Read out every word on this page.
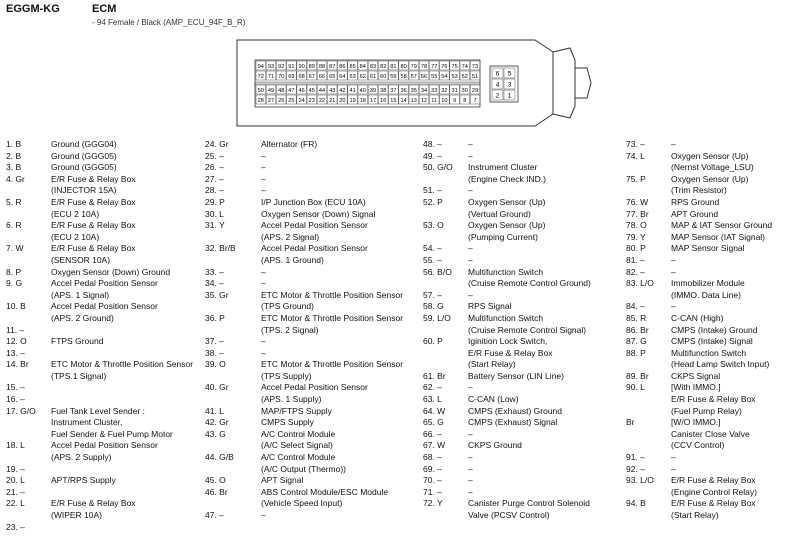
EGGM-KG	ECM
- 94 Female / Black (AMP_ECU_94F_B_R)
94 93 92 91 90 89 88 87 86 85 84 83 82 81 80 79 78 77 76 75 74 73
72 71 70 69 68 67 66 65 64 63 62 61 60 59 58 57 56 55 54 53 52 51
50 49 48 47 46 45 44 43 42 41 40 39 38 37 36 35 34 33 32 31 30 29
28 27 26 25 24 23 22 21 20 19 18 17 16 15 14 13 12 11 10 9 8 7
6 5
4 3
2 1
1. B	Ground (GGG04)
2. B	Ground (GGG05)
3. B	Ground (GGG05)
4. Gr	E/R Fuse & Relay Box
(INJECTOR 15A)
5. R	E/R Fuse & Relay Box
(ECU 2 10A)
6. R	E/R Fuse & Relay Box
(ECU 2 10A)
7. W	E/R Fuse & Relay Box
(SENSOR 10A)
8. P	Oxygen Sensor (Down) Ground
9. G	Accel Pedal Position Sensor
(APS. 1 Signal)
10. B	Accel Pedal Position Sensor
(APS. 2 Ground)
11. –
12. O	FTPS Ground
13. –
14. Br	ETC Motor & Throttle Position Sensor
(TPS.1 Signal)
15. –
16. –
17. G/O Fuel Tank Level Sender :
Instrument Cluster,
Fuel Sender & Fuel Pump Motor
18. L	Accel Pedal Position Sensor
(APS. 2 Supply)
19. –
20. L	APT/RPS Supply
21. –
22. L	E/R Fuse & Relay Box
(WIPER 10A)
23. –
24. Gr	Alternator (FR)
25. –	–
26. –	–
27. –	–
28. –	–
29. P	I/P Junction Box (ECU 10A)
30. L	Oxygen Sensor (Down) Signal
31. Y	Accel Pedal Position Sensor
(APS. 2 Signal)
32. Br/B	Accel Pedal Position Sensor
(APS. 1 Ground)
33. –	–
34. –	–
35. Gr	ETC Motor & Throttle Position Sensor
(TPS Ground)
36. P	ETC Motor & Throttle Position Sensor
(TPS. 2 Signal)
37. –	–
38. –	–
39. O	ETC Motor & Throttle Position Sensor
(TPS Supply)
40. Gr	Accel Pedal Position Sensor
(APS. 1 Supply)
41. L	MAP/FTPS Supply
42. Gr	CMPS Supply
43. G	A/C Control Module
(A/C Select Signal)
44. G/B	A/C Control Module
(A/C Output (Thermo))
45. O	APT Signal
46. Br	ABS Control Module/ESC Module
(Vehicle Speed Input)
47. –	–
48. –	–
49. –	–
50. G/O Instrument Cluster
(Engine Check IND.)
51. –	–
52. P	Oxygen Sensor (Up)
(Vertual Ground)
53. O	Oxygen Sensor (Up)
(Pumping Current)
54. –	–
55. –	–
56. B/O Multifunction Switch
(Cruise Remote Control Ground)
57. –	–
58. G	RPS Signal
59. L/O Multifunction Switch
(Cruise Remote Control Signal)
60. P	Iginition Lock Switch,
E/R Fuse & Relay Box
(Start Relay)
61. Br	Battery Sensor (LIN Line)
62. –	–
63. L	C-CAN (Low)
64. W	CMPS (Exhaust) Ground
65. G	CMPS (Exhaust) Signal
66. –	–
67. W	CKPS Ground
68. –	–
69. –	–
70. –	–
71. –	–
72. Y	Canister Purge Control Solenoid
Valve (PCSV Control)
73. –	–
74. L	Oxygen Sensor (Up)
(Nernst Voltage_LSU)
75. P	Oxygen Sensor (Up)
(Trim Resistor)
76. W	RPS Ground
77. Br	APT Ground
78. O	MAP & IAT Sensor Ground
79. Y	MAP Sensor (IAT Signal)
80. P	MAP Sensor Signal
81. –	–
82. –	–
83. L/O Immobilizer Module
(IMMO. Data Line)
84. –	–
85. R	C-CAN (High)
86. Br	CMPS (Intake) Ground
87. G	CMPS (Intake) Signal
88. P	Multifunction Switch
(Head Lamp Switch Input)
89. Br	CKPS Signal
90. L	[With IMMO.]
E/R Fuse & Relay Box
(Fuel Pump Relay)
Br	[W/O IMMO.]
Canister Close Valve
(CCV Control)
91. –	–
92. –	–
93. L/O E/R Fuse & Relay Box
(Engine Control Relay)
94. B	E/R Fuse & Relay Box
(Start Relay)
